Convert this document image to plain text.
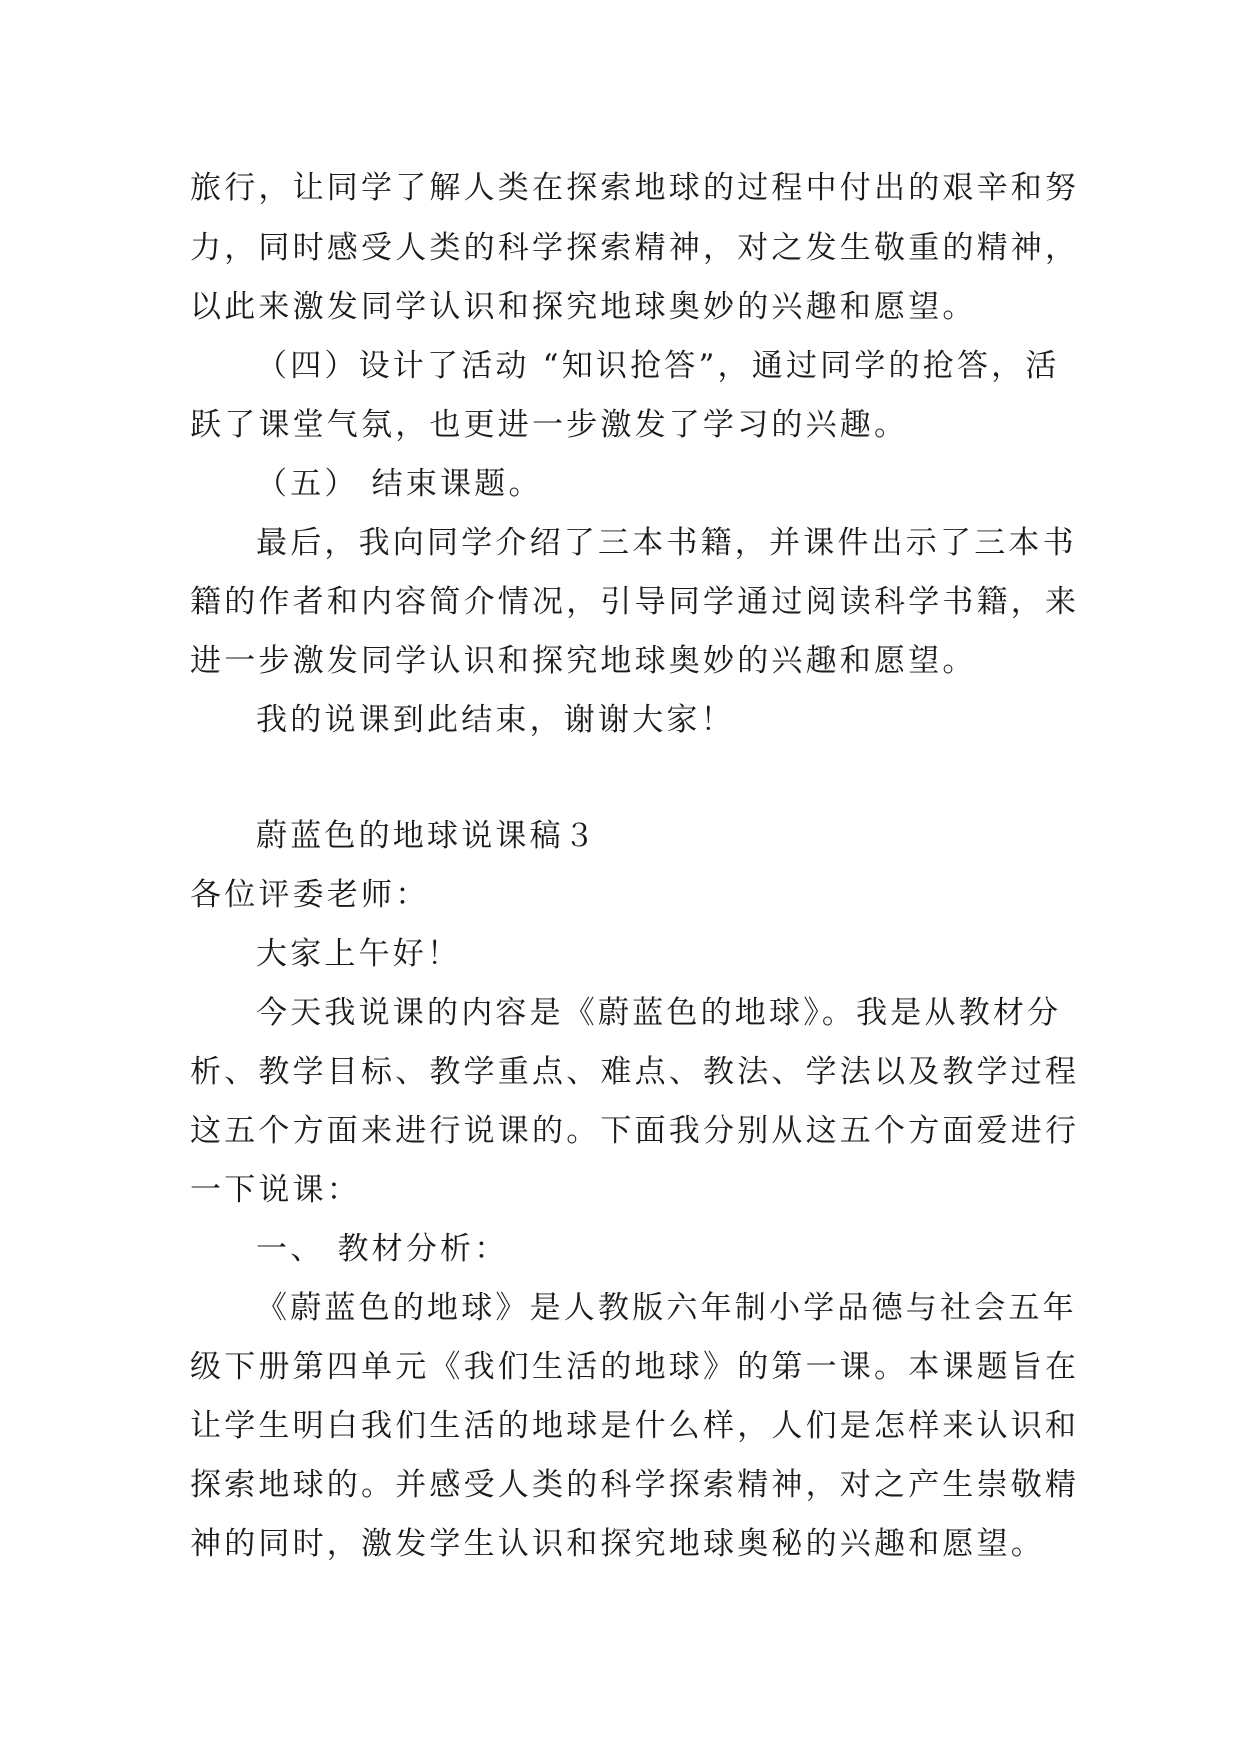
旅行，让同学了解人类在探索地球的过程中付出的艰辛和努
力，同时感受人类的科学探索精神，对之发生敬重的精神，
以此来激发同学认识和探究地球奥妙的兴趣和愿望。
（四）设计了活动 “知识抢答”，通过同学的抢答，活
跃了课堂气氛，也更进一步激发了学习的兴趣。
（五） 结束课题。
最后，我向同学介绍了三本书籍，并课件出示了三本书
籍的作者和内容简介情况，引导同学通过阅读科学书籍，来
进一步激发同学认识和探究地球奥妙的兴趣和愿望。
我的说课到此结束，谢谢大家！
蔚蓝色的地球说课稿３
各位评委老师：
大家上午好！
今天我说课的内容是《蔚蓝色的地球》。我是从教材分
析、教学目标、教学重点、难点、教法、学法以及教学过程
这五个方面来进行说课的。下面我分别从这五个方面爱进行
一下说课：
一、 教材分析：
《蔚蓝色的地球》是人教版六年制小学品德与社会五年
级下册第四单元《我们生活的地球》的第一课。本课题旨在
让学生明白我们生活的地球是什么样，人们是怎样来认识和
探索地球的。并感受人类的科学探索精神，对之产生崇敬精
神的同时，激发学生认识和探究地球奥秘的兴趣和愿望。
